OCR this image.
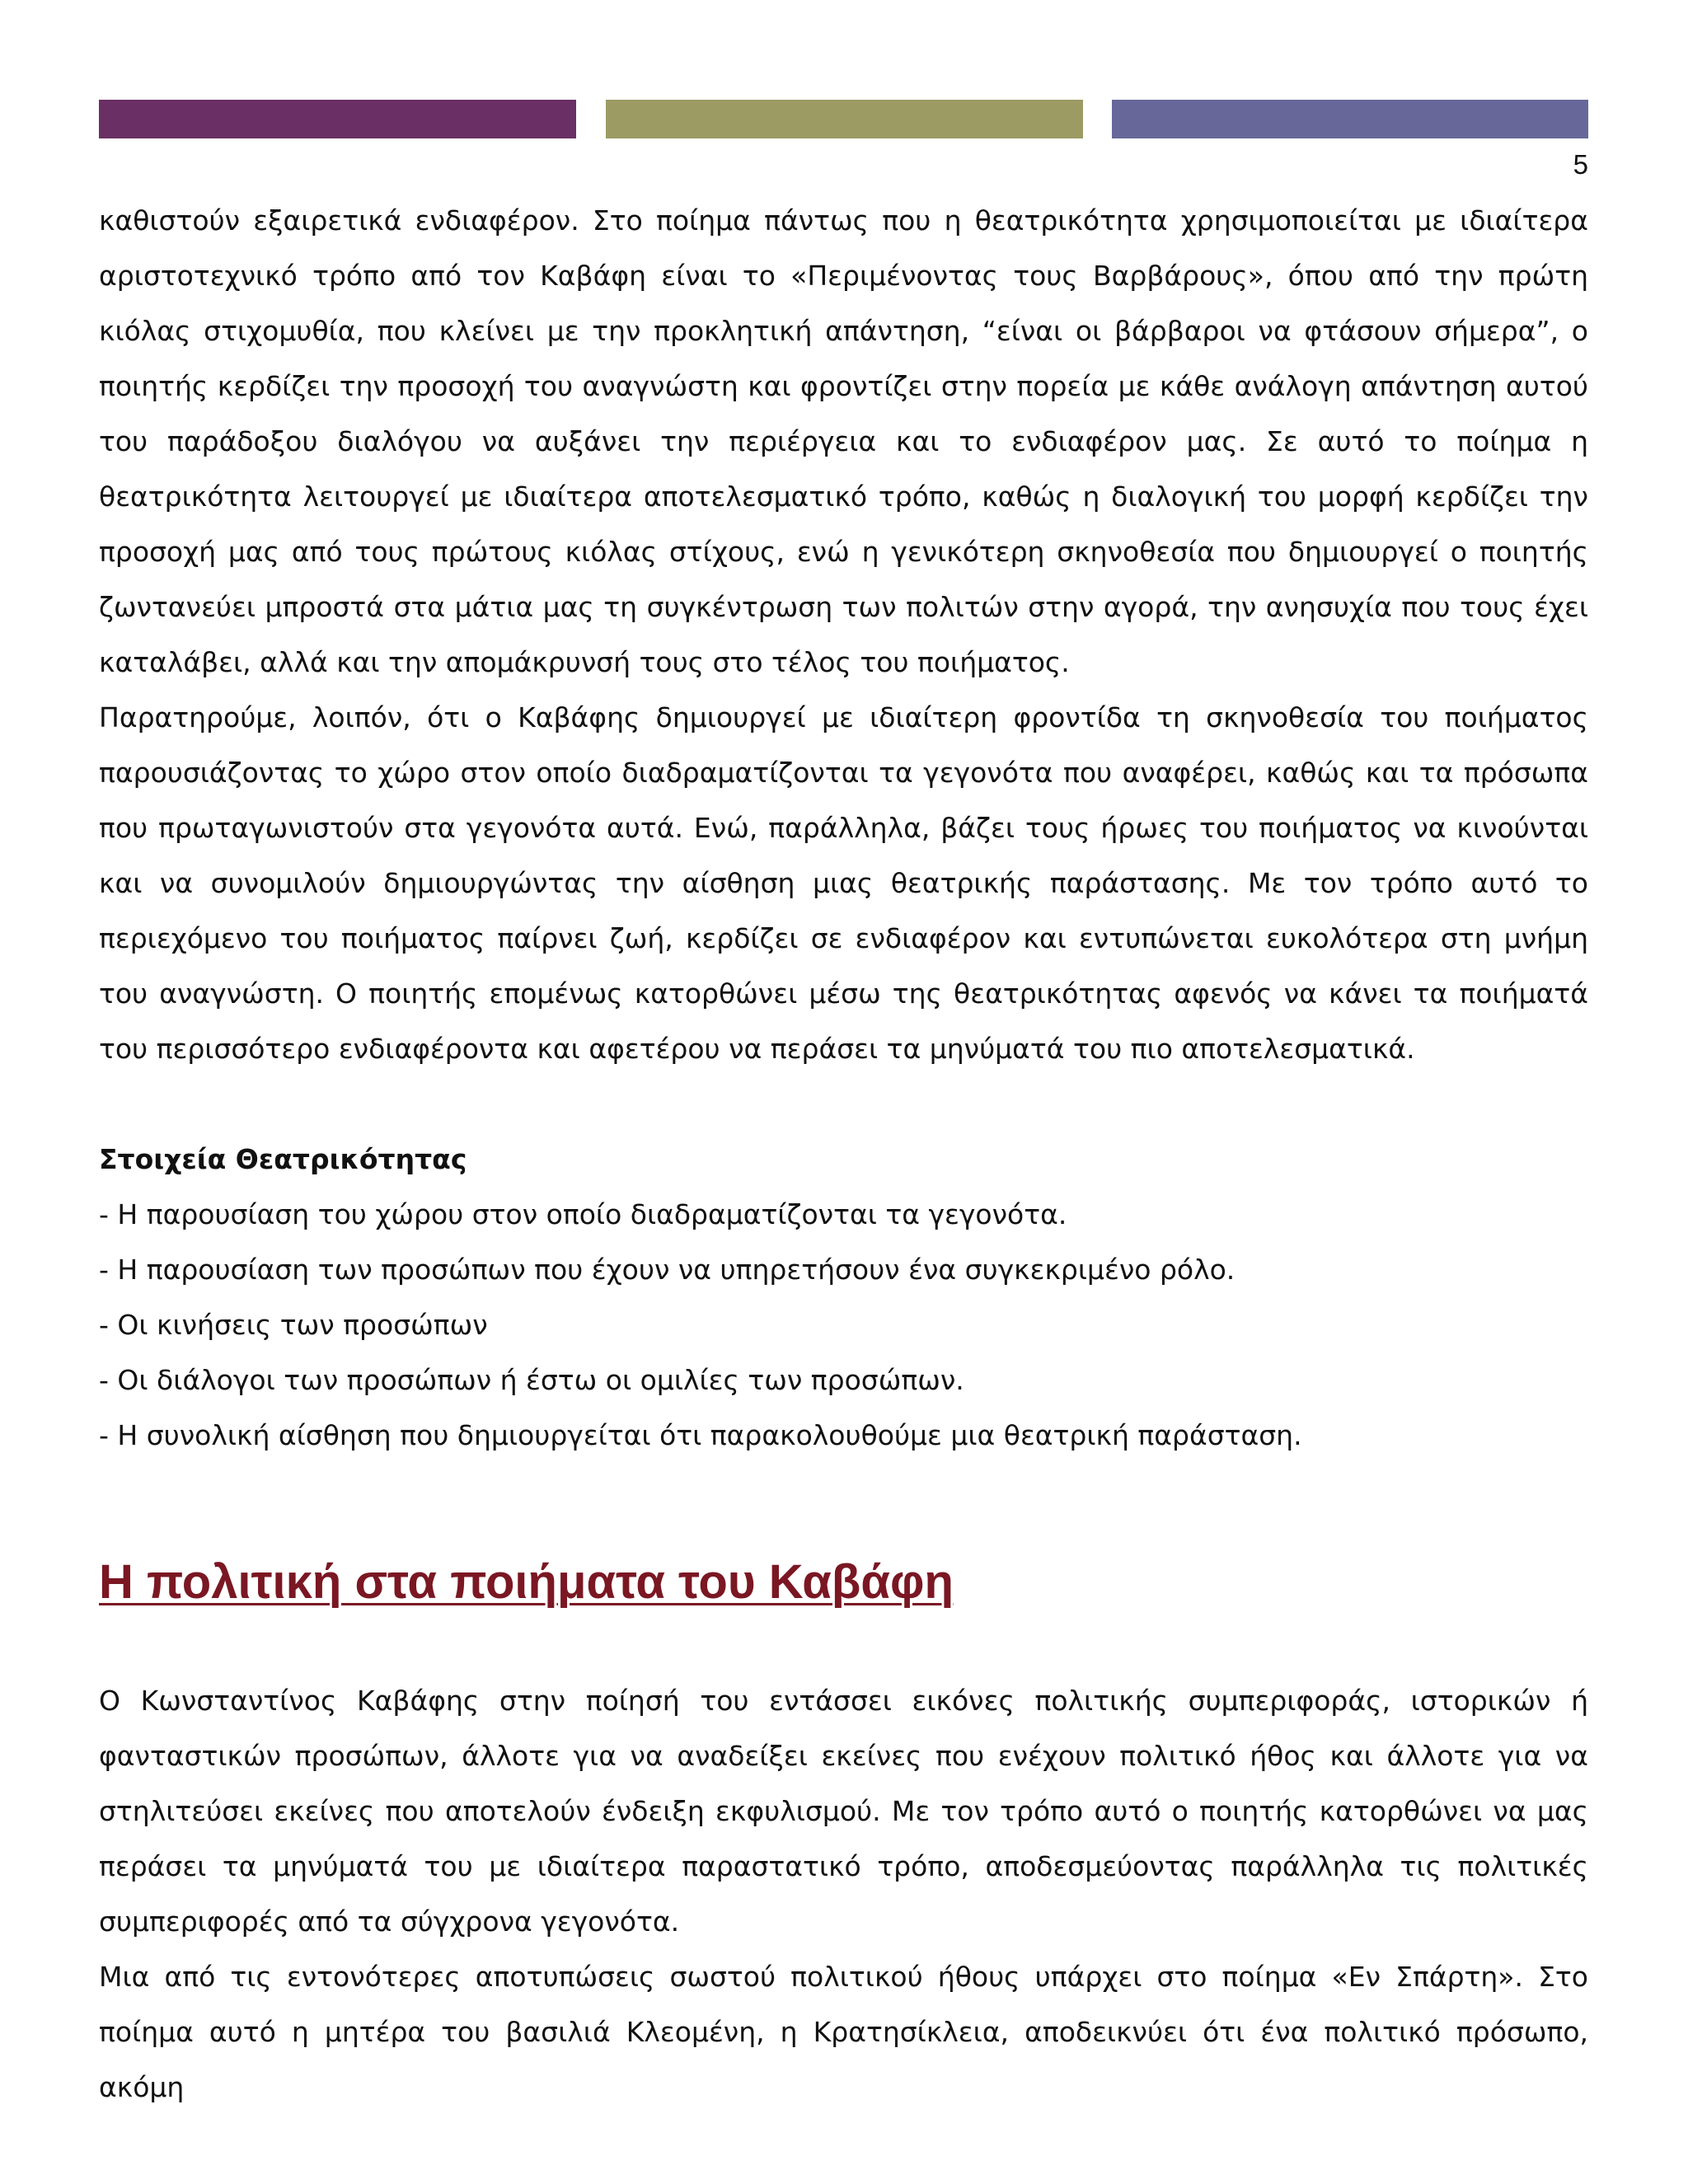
5

καθιστούν εξαιρετικά ενδιαφέρον. Στο ποίημα πάντως που η θεατρικότητα χρησιμοποιείται με ιδιαίτερα αριστοτεχνικό τρόπο από τον Καβάφη είναι το «Περιμένοντας τους Βαρβάρους», όπου από την πρώτη κιόλας στιχομυθία, που κλείνει με την προκλητική απάντηση, “είναι οι βάρβαροι να φτάσουν σήμερα”, ο ποιητής κερδίζει την προσοχή του αναγνώστη και φροντίζει στην πορεία με κάθε ανάλογη απάντηση αυτού του παράδοξου διαλόγου να αυξάνει την περιέργεια και το ενδιαφέρον μας. Σε αυτό το ποίημα η θεατρικότητα λειτουργεί με ιδιαίτερα αποτελεσματικό τρόπο, καθώς η διαλογική του μορφή κερδίζει την προσοχή μας από τους πρώτους κιόλας στίχους, ενώ η γενικότερη σκηνοθεσία που δημιουργεί ο ποιητής ζωντανεύει μπροστά στα μάτια μας τη συγκέντρωση των πολιτών στην αγορά, την ανησυχία που τους έχει καταλάβει, αλλά και την απομάκρυνσή τους στο τέλος του ποιήματος.

Παρατηρούμε, λοιπόν, ότι ο Καβάφης δημιουργεί με ιδιαίτερη φροντίδα τη σκηνοθεσία του ποιήματος παρουσιάζοντας το χώρο στον οποίο διαδραματίζονται τα γεγονότα που αναφέρει, καθώς και τα πρόσωπα που πρωταγωνιστούν στα γεγονότα αυτά. Ενώ, παράλληλα, βάζει τους ήρωες του ποιήματος να κινούνται και να συνομιλούν δημιουργώντας την αίσθηση μιας θεατρικής παράστασης. Με τον τρόπο αυτό το περιεχόμενο του ποιήματος παίρνει ζωή, κερδίζει σε ενδιαφέρον και εντυπώνεται ευκολότερα στη μνήμη του αναγνώστη. Ο ποιητής επομένως κατορθώνει μέσω της θεατρικότητας αφενός να κάνει τα ποιήματά του περισσότερο ενδιαφέροντα και αφετέρου να περάσει τα μηνύματά του πιο αποτελεσματικά.

Στοιχεία Θεατρικότητας
- Η παρουσίαση του χώρου στον οποίο διαδραματίζονται τα γεγονότα.
- Η παρουσίαση των προσώπων που έχουν να υπηρετήσουν ένα συγκεκριμένο ρόλο.
- Οι κινήσεις των προσώπων
- Οι διάλογοι των προσώπων ή έστω οι ομιλίες των προσώπων.
- Η συνολική αίσθηση που δημιουργείται ότι παρακολουθούμε μια θεατρική παράσταση.
Η πολιτική στα ποιήματα του Καβάφη

Ο Κωνσταντίνος Καβάφης στην ποίησή του εντάσσει εικόνες πολιτικής συμπεριφοράς, ιστορικών ή φανταστικών προσώπων, άλλοτε για να αναδείξει εκείνες που ενέχουν πολιτικό ήθος και άλλοτε για να στηλιτεύσει εκείνες που αποτελούν ένδειξη εκφυλισμού. Με τον τρόπο αυτό ο ποιητής κατορθώνει να μας περάσει τα μηνύματά του με ιδιαίτερα παραστατικό τρόπο, αποδεσμεύοντας παράλληλα τις πολιτικές συμπεριφορές από τα σύγχρονα γεγονότα.

Μια από τις εντονότερες αποτυπώσεις σωστού πολιτικού ήθους υπάρχει στο ποίημα «Εν Σπάρτη». Στο ποίημα αυτό η μητέρα του βασιλιά Κλεομένη, η Κρατησίκλεια, αποδεικνύει ότι ένα πολιτικό πρόσωπο, ακόμη
